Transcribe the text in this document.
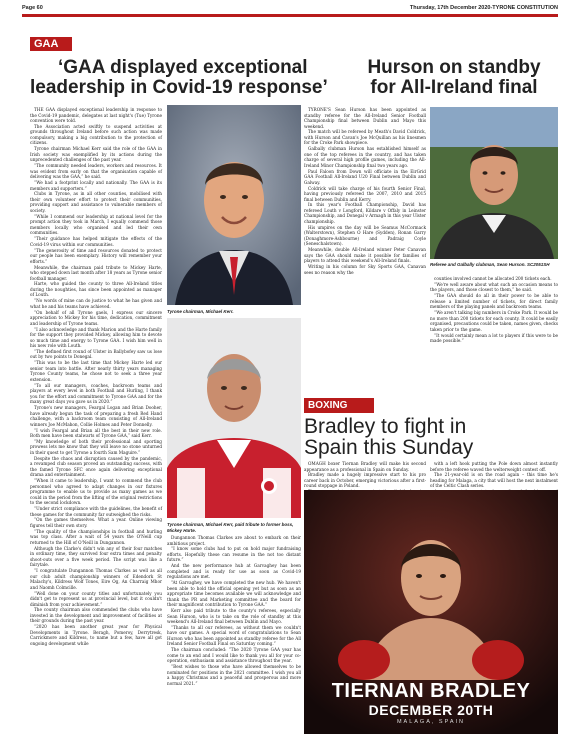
Page 60	Thursday, 17th December 2020-TYRONE CONSTITUTION
GAA
‘GAA displayed exceptional
leadership in Covid-19 response’
Hurson on standby
for All-Ireland final

THE GAA displayed exceptional leadership in response to the Covid-19 pandemic, delegates at last night's (Tue) Tyrone convention were told.

The Association acted swiftly to suspend activities at grounds throughout Ireland before such action was made compulsory, making a big contribution to the protection of citizens.

Tyrone chairman Michael Kerr said the role of the GAA in Irish society was exemplified by its actions during the unprecedented challenges of the past year.

“The community needed leaders, workers and resources. It was evident from early on that the organisation capable of delivering was the GAA,” he said.

“We had a footprint locally and nationally. The GAA is its members and supporters.”

Clubs in Tyrone, as in all other counties, mobilised with their own volunteer effort to protect their communities, providing support and assistance to vulnerable members of society.

“While I commend our leadership at national level for the prompt action they took in March, I equally commend those members locally who organised and led their own communities.

“Their guidance has helped mitigate the effects of the Covid-19 virus within our communities.

“The generosity of time and resources donated to protect our people has been exemplary. History will remember your efforts.”

Meanwhile, the chairman paid tribute to Mickey Harte, who stepped down last month after 18 years as Tyrone senior football manager.

Harte, who guided the county to three All-Ireland titles during the noughties, has since been appointed as manager of Louth.

“No words of mine can do justice to what he has given and what he and his teams have achieved.

“On behalf of all Tyrone gaels, I express our sincere appreciation to Mickey for his time, dedication, commitment and leadership of Tyrone teams.

“I also acknowledge and thank Marion and the Harte family for the support they provided Mickey, allowing him to devote so much time and energy to Tyrone GAA. I wish him well in his new role with Louth.

“The defined first round of Ulster in Ballybofey saw us lose out by two points to Donegal.

“This was to be the last time that Mickey Harte led our senior team into battle. After nearly thirty years managing Tyrone County teams, he chose not to seek a three year extension.

“To all our managers, coaches, backroom teams and players at every level in both Football and Hurling, I thank you for the effort and commitment to Tyrone GAA and for the many great days you gave us in 2020.”

Tyrone's new managers, Feargal Logan and Brian Dooher, have already begun the task of preparing a fresh Red Hand challenge, with a backroom team consisting of All-Ireland winners Joe McMahon, Collie Holmes and Peter Donnelly.

“I wish Feargal and Brian all the best in their new role. Both men have been stalwarts of Tyrone GAA,” said Kerr.

“My knowledge of both their professional and sporting prowess lets me know that they will leave no stone unturned in their quest to get Tyrone a fourth Sam Maguire.”

Despite the chaos and disruption caused by the pandemic, a revamped club season proved an outstanding success, with the famed Tyrone SFC once again delivering exceptional drama and entertainment.

“When it came to leadership, I want to commend the club personnel who agreed to adapt changes in our fixtures programme to enable us to provide as many games as we could in the period from the lifting of the original restrictions to the second lockdown.

“Under strict compliance with the guidelines, the benefit of these games for the community far outweighed the risks.

“On the games themselves. What a year. Online viewing figures tell their own story.

“The quality of the championships in football and hurling was top class. After a wait of 54 years the O'Neill cup returned to the Hill of O'Neill in Dungannon.

Although the Clarke's didn't win any of their four matches in ordinary time, they survived four extra times and penalty shoot-outs over a five week period. The script was like a fairytale.

“I congratulate Dungannon Thomas Clarkes as well as all our club adult championship winners of Edendork St Malachy's, Kildress Wolf Tones, Eire Og, An Charraig Mhor and Naomh Colmcille.

“Well done on your county titles and unfortunately you didn't get to represent us at provincial level, but it couldn't diminish from your achievement.”

The county chairman also commended the clubs who have invested in the development and improvement of facilities at their grounds during the past year.

“2020 has been another great year for Physical Developments in Tyrone. Beragh, Pomeroy, Derrytresk, Carrickmore and Kildress, to name but a few, have all got ongoing development while

Tyrone chairman, Michael Kerr.
Tyrone chairman, Michael Kerr, paid tribute to former boss, Mickey Harte.

Dungannon Thomas Clarkes are about to embark on their ambitious project.

“I know some clubs had to put on hold major fundraising efforts. Hopefully these can resume in the not too distant future.”

And the new performance hub at Garvaghey has been completed and is ready for use as soon as Covid-19 regulations are met.

“At Garvaghey, we have completed the new hub. We haven't been able to hold the official opening yet but as soon as an appropriate time becomes available we will acknowledge and thank the PR and Marketing committee and the board for their magnificent contribution to Tyrone GAA.”

Kerr also paid tribute to the county's referees, especially Sean Hurson, who is to take on the role of standby at this weekend's All-Ireland final between Dublin and Mayo.

“Thanks to all our referees, as without them we couldn't have our games. A special word of congratulations to Sean Hurson who has been appointed as standby referee for the All Ireland Senior Football Final on Saturday coming.”

The chairman concluded: “The 2020 Tyrone GAA year has come to an end and I would like to thank you all for your co-operation, enthusiasm and assistance throughout the year.

“Best wishes to those who have allowed themselves to be nominated for positions in the 2021 committee. I wish you all a happy Christmas and a peaceful and prosperous and more normal 2021.”

TYRONE'S Sean Hurson has been appointed as standby referee for the All-Ireland Senior Football Championship final between Dublin and Mayo this weekend.

The match will be refereed by Meath's David Coldrick, with Hurson and Cavan's Joe McQuillan as his linesmen for the Croke Park showpiece.

Galbally clubman Hurson has established himself as one of the top referees in the country, and has taken charge of several high profile games, including the All-Ireland Minor Championship final two years ago.

Paul Faloon from Down will officiate in the EirGrid GAA Football All-Ireland U20 Final between Dublin and Galway.

Coldrick will take charge of his fourth Senior Final, having previously refereed the 2007, 2010 and 2015 final between Dublin and Kerry.

In this year's Football Championship, David has refereed Louth v Longford, Kildare v Offaly in Leinster Championship, and Donegal v Armagh in this year Ulster championship.

His umpires on the day will be Seamus McCormack (Walterstown), Stephen O Hare (Sydden), Ronan Garry (Donaghmore-Ashbourne) and Padraig Coyle (Seneschalstown).

Meanwhile, double All-Ireland winner Peter Canavan says the GAA should make it possible for families of players to attend this weekend's All-Ireland finals.

Writing in his column for Sky Sports GAA, Canavan sees no reason why the

Referee and Galbally clubman, Sean Hurson. SC2051SH

counties involved cannot be allocated 200 tickets each.

“We're well aware about what such an occasion means to the players, and those closest to them,” he said.

“The GAA should do all in their power to be able to release a limited number of tickets, for direct family members of the playing panels and backroom teams.

“We aren't talking big numbers in Croke Park. It would be no more than 200 tickets for each county. It could be easily organised, precautions could be taken, names given, checks taken prior to the game.

“It would certainly mean a lot to players if this were to be made possible.”

BOXING
Bradley to fight in
Spain this Sunday

OMAGH boxer Tiernan Bradley will make his second appearance as a professional in Spain on Sunday.

Bradley made a hugely impressive start to his pro career back in October, emerging victorious after a first-round stoppage in Poland.

with a left hook putting the Pole down almost instantly before the referee waved the welterweight contest off.

The 21-year-old is on the road again – this time he's heading for Malaga, a city that will host the next instalment of the Celtic Clash series.

TIERNAN BRADLEY
DECEMBER 20TH
MALAGA, SPAIN
